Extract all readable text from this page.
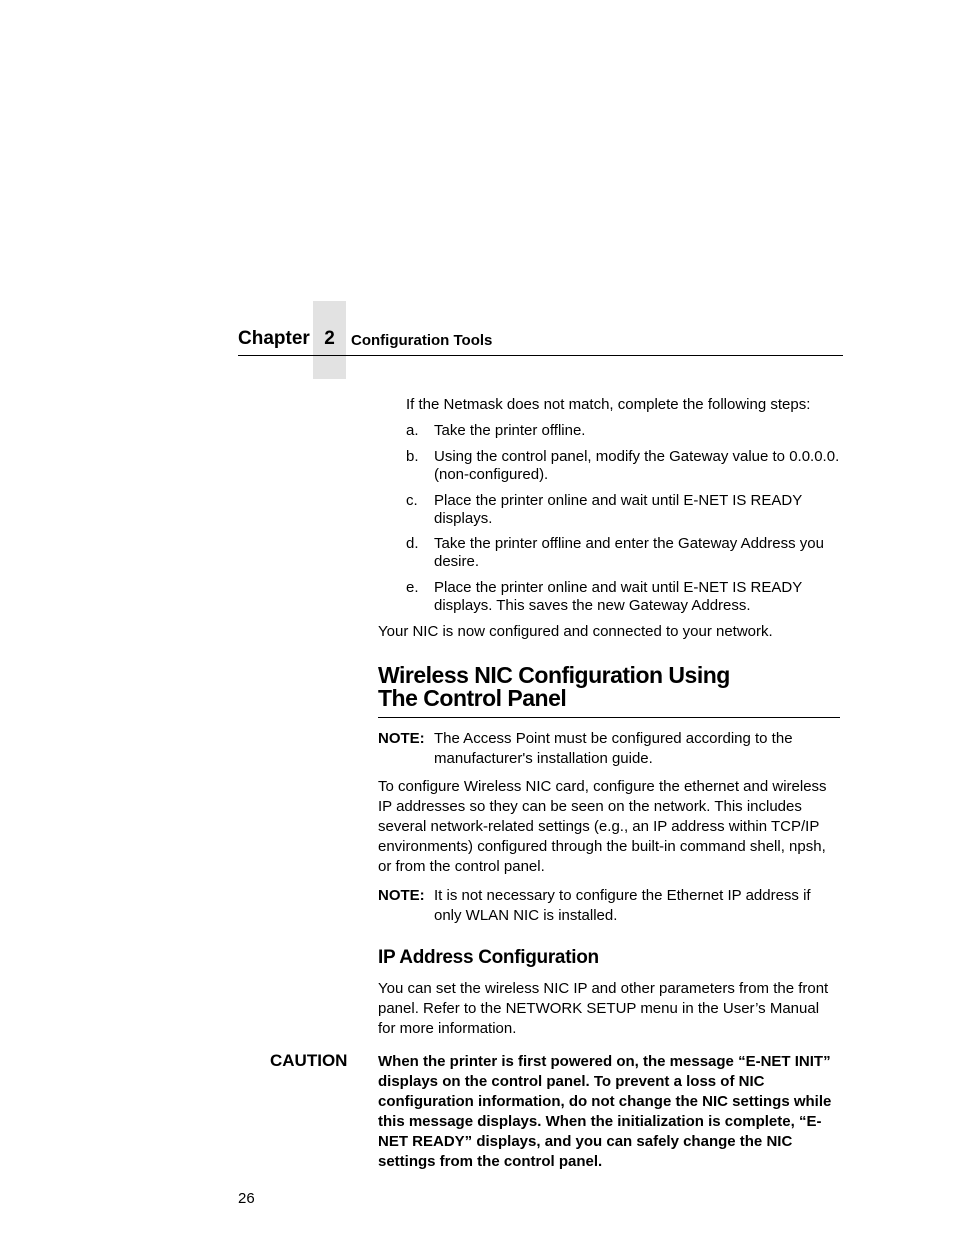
Chapter 2	Configuration Tools
If the Netmask does not match, complete the following steps:
a.	Take the printer offline.
b.	Using the control panel, modify the Gateway value to 0.0.0.0. (non-configured).
c.	Place the printer online and wait until E-NET IS READY displays.
d.	Take the printer offline and enter the Gateway Address you desire.
e.	Place the printer online and wait until E-NET IS READY displays. This saves the new Gateway Address.
Your NIC is now configured and connected to your network.
Wireless NIC Configuration Using
The Control Panel
NOTE: The Access Point must be configured according to the manufacturer's installation guide.
To configure Wireless NIC card, configure the ethernet and wireless IP addresses so they can be seen on the network. This includes several network-related settings (e.g., an IP address within TCP/IP environments) configured through the built-in command shell, npsh, or from the control panel.
NOTE: It is not necessary to configure the Ethernet IP address if only WLAN NIC is installed.
IP Address Configuration
You can set the wireless NIC IP and other parameters from the front panel. Refer to the NETWORK SETUP menu in the User’s Manual for more information.
CAUTION When the printer is first powered on, the message “E-NET INIT” displays on the control panel. To prevent a loss of NIC configuration information, do not change the NIC settings while this message displays. When the initialization is complete, “E-NET READY” displays, and you can safely change the NIC settings from the control panel.
26
